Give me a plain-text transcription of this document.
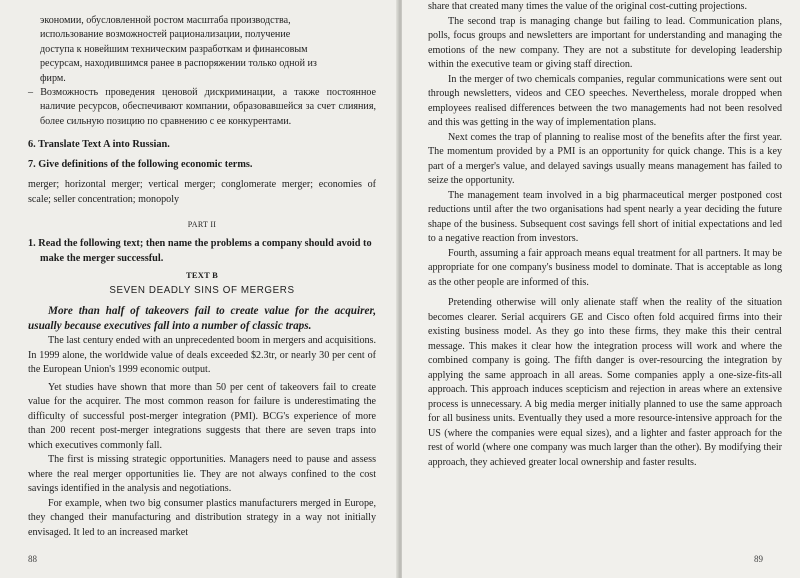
экономии, обусловленной ростом масштаба производства,
использование возможностей рационализации, получение
доступа к новейшим техническим разработкам и финансовым
ресурсам, находившимся ранее в распоряжении только одной из
фирм.
– Возможность проведения ценовой дискриминации, а также постоянное наличие ресурсов, обеспечивают компании, образовавшейся за счет слияния, более сильную позицию по сравнению с ее конкурентами.
6. Translate Text A into Russian.
7. Give definitions of the following economic terms.

merger; horizontal merger; vertical merger; conglomerate merger; economies of scale; seller concentration; monopoly

PART II
1. Read the following text; then name the problems a company should avoid to make the merger successful.
TEXT B
SEVEN DEADLY SINS OF MERGERS

More than half of takeovers fail to create value for the acquirer, usually because executives fall into a number of classic traps.

The last century ended with an unprecedented boom in mergers and acquisitions. In 1999 alone, the worldwide value of deals exceeded $2.3tr, or nearly 30 per cent of the European Union's 1999 economic output.

Yet studies have shown that more than 50 per cent of takeovers fail to create value for the acquirer. The most common reason for failure is underestimating the difficulty of successful post-merger integration (PMI). BCG's experience of more than 200 recent post-merger integrations suggests that there are seven traps into which executives commonly fall.

The first is missing strategic opportunities. Managers need to pause and assess where the real merger opportunities lie. They are not always confined to the cost savings identified in the analysis and negotiations.

For example, when two big consumer plastics manufacturers merged in Europe, they changed their manufacturing and distribution strategy in a way not initially envisaged. It led to an increased market

88

share that created many times the value of the original cost-cutting projections.

The second trap is managing change but failing to lead. Communication plans, polls, focus groups and newsletters are important for understanding and managing the emotions of the new company. They are not a substitute for developing leadership within the executive team or giving staff direction.

In the merger of two chemicals companies, regular communications were sent out through newsletters, videos and CEO speeches. Nevertheless, morale dropped when employees realised differences between the two managements had not been resolved and this was getting in the way of implementation plans.

Next comes the trap of planning to realise most of the benefits after the first year. The momentum provided by a PMI is an opportunity for quick change. This is a key part of a merger's value, and delayed savings usually means management has failed to seize the opportunity.

The management team involved in a big pharmaceutical merger postponed cost reductions until after the two organisations had spent nearly a year deciding the future shape of the business. Subsequent cost savings fell short of initial expectations and led to a negative reaction from investors.

Fourth, assuming a fair approach means equal treatment for all partners. It may be appropriate for one company's business model to dominate. That is acceptable as long as the other people are informed of this.

Pretending otherwise will only alienate staff when the reality of the situation becomes clearer. Serial acquirers GE and Cisco often fold acquired firms into their existing business model. As they go into these firms, they make this their central message. This makes it clear how the integration process will work and where the combined company is going. The fifth danger is over-resourcing the integration by applying the same approach in all areas. Some companies apply a one-size-fits-all approach. This approach induces scepticism and rejection in areas where an extensive process is unnecessary. A big media merger initially planned to use the same approach for all business units. Eventually they used a more resource-intensive approach for the US (where the companies were equal sizes), and a lighter and faster approach for the rest of world (where one company was much larger than the other). By modifying their approach, they achieved greater local ownership and faster results.

89
